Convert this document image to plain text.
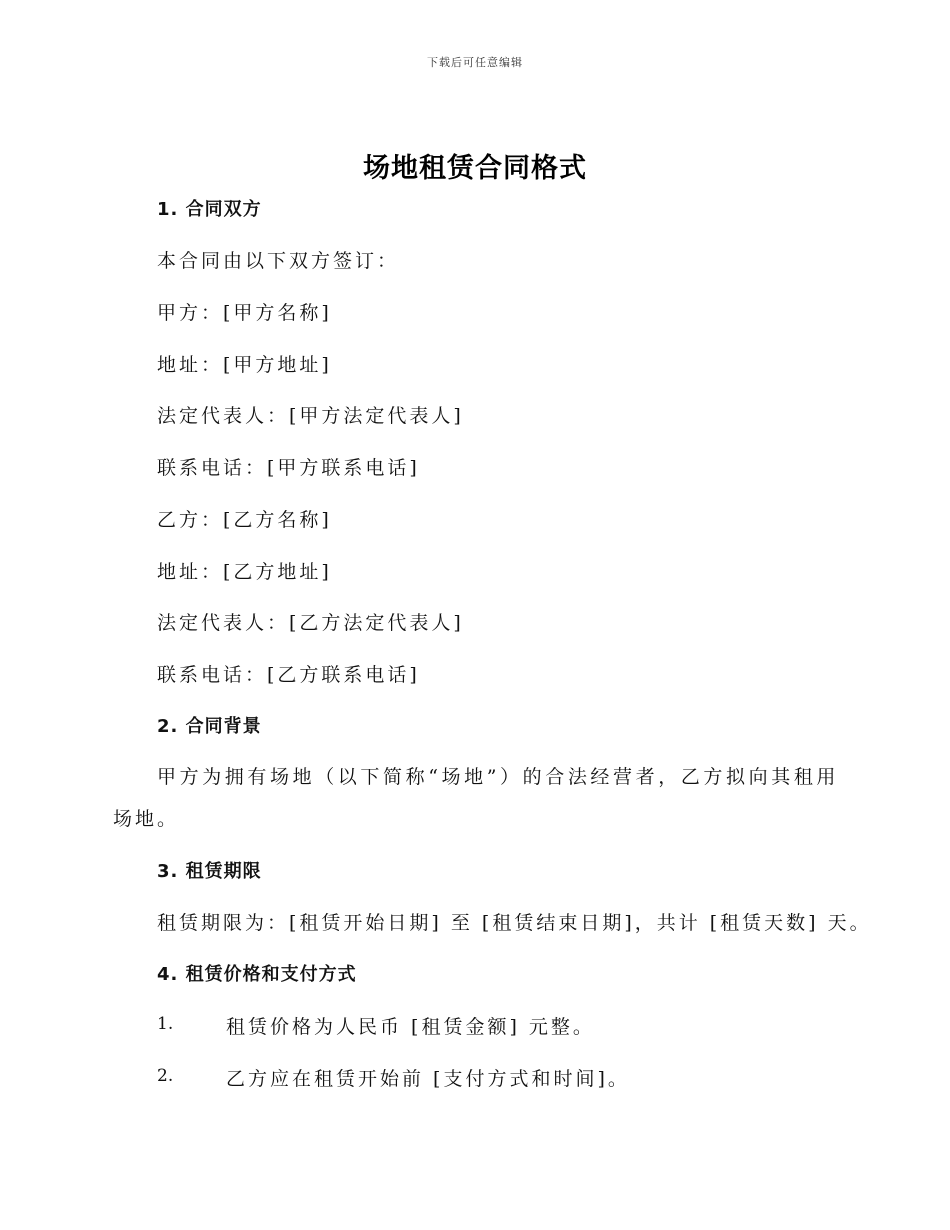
下载后可任意编辑
场地租赁合同格式
1. 合同双方
本合同由以下双方签订：
甲方：[甲方名称]
地址：[甲方地址]
法定代表人：[甲方法定代表人]
联系电话：[甲方联系电话]
乙方：[乙方名称]
地址：[乙方地址]
法定代表人：[乙方法定代表人]
联系电话：[乙方联系电话]
2. 合同背景
甲方为拥有场地（以下简称“场地”）的合法经营者，乙方拟向其租用
场地。
3. 租赁期限
租赁期限为：[租赁开始日期] 至 [租赁结束日期]，共计 [租赁天数] 天。
4. 租赁价格和支付方式
1.	租赁价格为人民币 [租赁金额] 元整。
2.	乙方应在租赁开始前 [支付方式和时间]。
